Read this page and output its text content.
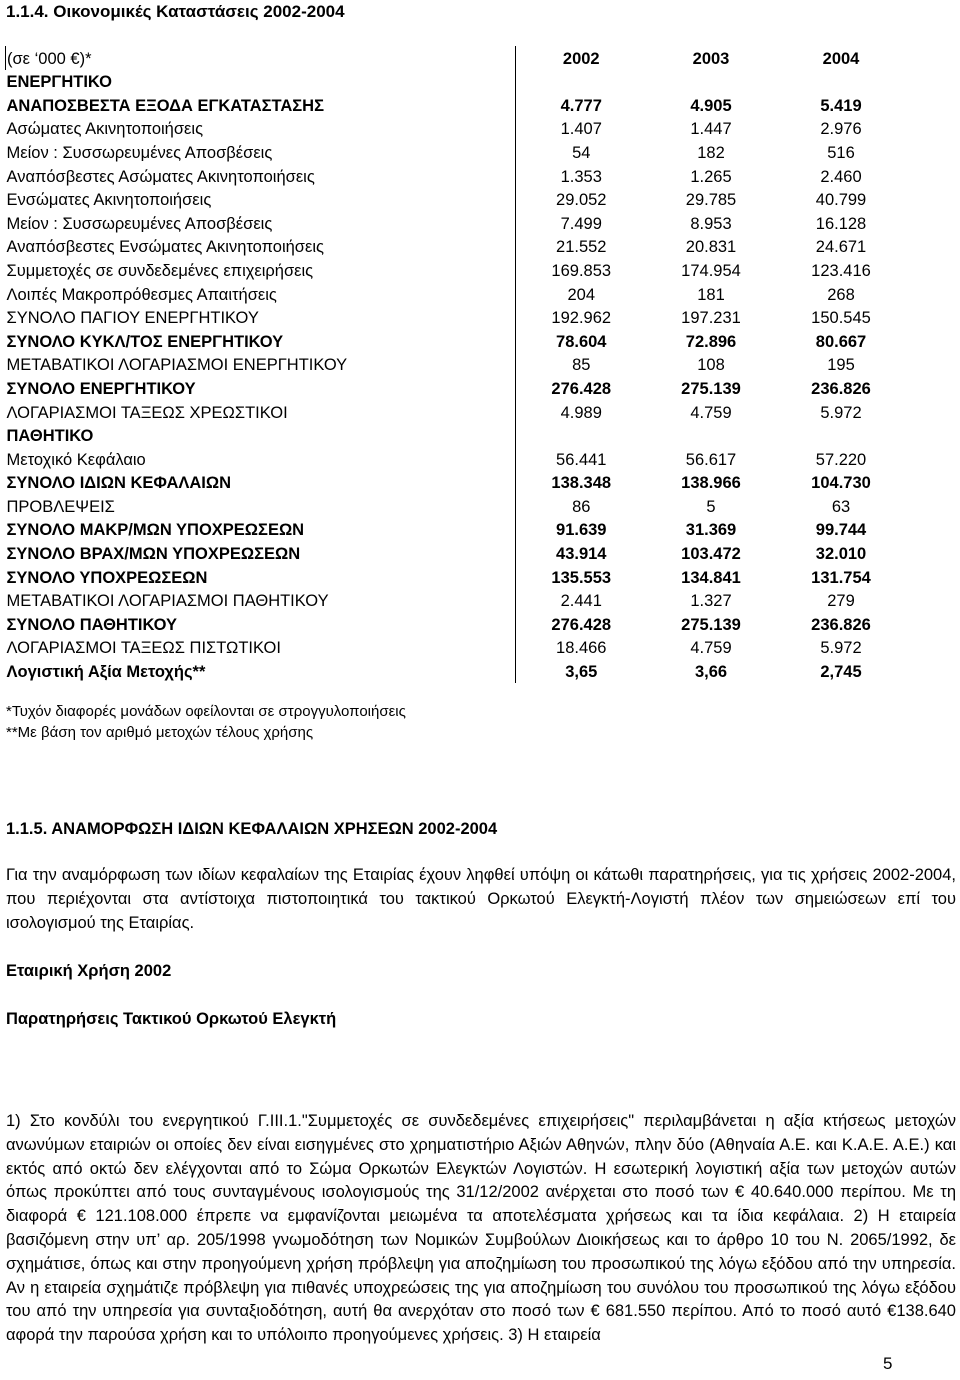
1.1.4. Οικονομικές Καταστάσεις 2002-2004
(σε ‘000 €)*	2002	2003	2004
ΕΝΕΡΓΗΤΙΚΟ			
ΑΝΑΠΟΣΒΕΣΤΑ ΕΞΟΔΑ ΕΓΚΑΤΑΣΤΑΣΗΣ	4.777	4.905	5.419
Ασώματες Ακινητοποιήσεις	1.407	1.447	2.976
Μείον : Συσσωρευμένες Αποσβέσεις	54	182	516
Αναπόσβεστες Ασώματες Ακινητοποιήσεις	1.353	1.265	2.460
Ενσώματες Ακινητοποιήσεις	29.052	29.785	40.799
Μείον : Συσσωρευμένες Αποσβέσεις	7.499	8.953	16.128
Αναπόσβεστες Ενσώματες Ακινητοποιήσεις	21.552	20.831	24.671
Συμμετοχές σε συνδεδεμένες επιχειρήσεις	169.853	174.954	123.416
Λοιπές Μακροπρόθεσμες Απαιτήσεις	204	181	268
ΣΥΝΟΛΟ ΠΑΓΙΟΥ ΕΝΕΡΓΗΤΙΚΟΥ	192.962	197.231	150.545
ΣΥΝΟΛΟ ΚΥΚΛ/ΤΟΣ ΕΝΕΡΓΗΤΙΚΟΥ	78.604	72.896	80.667
ΜΕΤΑΒΑΤΙΚΟΙ ΛΟΓΑΡΙΑΣΜΟΙ ΕΝΕΡΓΗΤΙΚΟΥ	85	108	195
ΣΥΝΟΛΟ ΕΝΕΡΓΗΤΙΚΟΥ	276.428	275.139	236.826
ΛΟΓΑΡΙΑΣΜΟΙ ΤΑΞΕΩΣ ΧΡΕΩΣΤΙΚΟΙ	4.989	4.759	5.972
ΠΑΘΗΤΙΚΟ			
Μετοχικό Κεφάλαιο	56.441	56.617	57.220
ΣΥΝΟΛΟ ΙΔΙΩΝ ΚΕΦΑΛΑΙΩΝ	138.348	138.966	104.730
ΠΡΟΒΛΕΨΕΙΣ	86	5	63
ΣΥΝΟΛΟ ΜΑΚΡ/ΜΩΝ ΥΠΟΧΡΕΩΣΕΩΝ	91.639	31.369	99.744
ΣΥΝΟΛΟ ΒΡΑΧ/ΜΩΝ ΥΠΟΧΡΕΩΣΕΩΝ	43.914	103.472	32.010
ΣΥΝΟΛΟ ΥΠΟΧΡΕΩΣΕΩΝ	135.553	134.841	131.754
ΜΕΤΑΒΑΤΙΚΟΙ ΛΟΓΑΡΙΑΣΜΟΙ ΠΑΘΗΤΙΚΟΥ	2.441	1.327	279
ΣΥΝΟΛΟ ΠΑΘΗΤΙΚΟΥ	276.428	275.139	236.826
ΛΟΓΑΡΙΑΣΜΟΙ ΤΑΞΕΩΣ ΠΙΣΤΩΤΙΚΟΙ	18.466	4.759	5.972
Λογιστική Αξία Μετοχής**	3,65	3,66	2,745
*Τυχόν διαφορές μονάδων οφείλονται σε στρογγυλοποιήσεις
**Με βάση τον αριθμό μετοχών τέλους χρήσης
1.1.5. ΑΝΑΜΟΡΦΩΣΗ ΙΔΙΩΝ ΚΕΦΑΛΑΙΩΝ ΧΡΗΣΕΩΝ 2002-2004
Για την αναμόρφωση των ιδίων κεφαλαίων της Εταιρίας έχουν ληφθεί υπόψη οι κάτωθι παρατηρήσεις, για τις χρήσεις 2002-2004, που περιέχονται στα αντίστοιχα πιστοποιητικά του τακτικού Ορκωτού Ελεγκτή-Λογιστή πλέον των σημειώσεων επί του ισολογισμού της Εταιρίας.
Εταιρική Χρήση 2002
Παρατηρήσεις Τακτικού Ορκωτού Ελεγκτή
1) Στο κονδύλι του ενεργητικού Γ.ΙΙΙ.1."Συμμετοχές σε συνδεδεμένες επιχειρήσεις" περιλαμβάνεται η αξία κτήσεως μετοχών ανωνύμων εταιριών οι οποίες δεν είναι εισηγμένες στο χρηματιστήριο Αξιών Αθηνών, πλην δύο (Αθηναία Α.Ε. και Κ.Α.Ε. Α.Ε.) και εκτός από οκτώ δεν ελέγχονται από το Σώμα Ορκωτών Ελεγκτών Λογιστών. Η εσωτερική λογιστική αξία των μετοχών αυτών όπως προκύπτει από τους συνταγμένους ισολογισμούς της 31/12/2002 ανέρχεται στο ποσό των € 40.640.000 περίπου. Με τη διαφορά € 121.108.000 έπρεπε να εμφανίζονται μειωμένα τα αποτελέσματα χρήσεως και τα ίδια κεφάλαια. 2) Η εταιρεία βασιζόμενη στην υπ’ αρ. 205/1998 γνωμοδότηση των Νομικών Συμβούλων Διοικήσεως και το άρθρο 10 του Ν. 2065/1992, δε σχημάτισε, όπως και στην προηγούμενη χρήση πρόβλεψη για αποζημίωση του προσωπικού της λόγω εξόδου από την υπηρεσία. Αν η εταιρεία σχημάτιζε πρόβλεψη για πιθανές υποχρεώσεις της για αποζημίωση του συνόλου του προσωπικού της λόγω εξόδου του από την υπηρεσία για συνταξιοδότηση, αυτή θα ανερχόταν στο ποσό των € 681.550 περίπου. Από το ποσό αυτό €138.640 αφορά την παρούσα χρήση και το υπόλοιπο προηγούμενες χρήσεις. 3) Η εταιρεία
5
